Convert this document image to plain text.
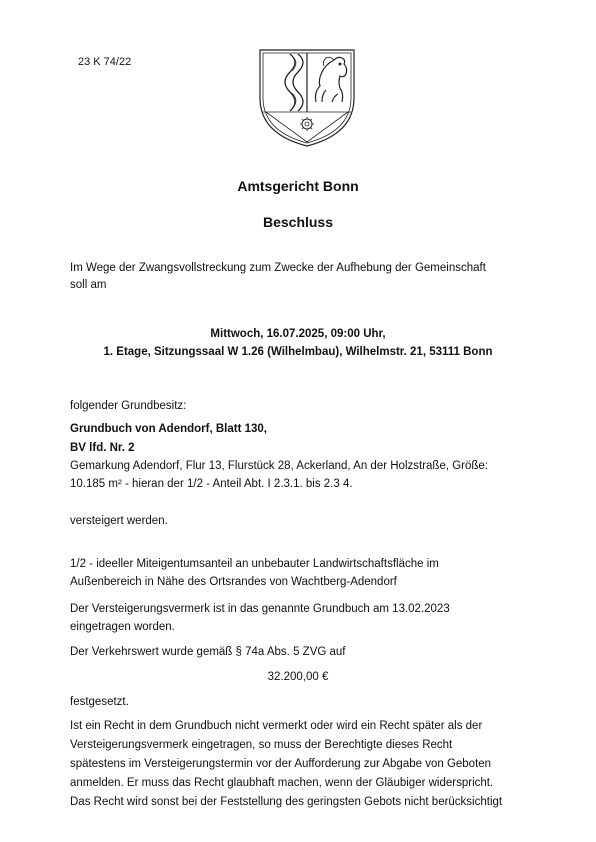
23 K 74/22
Amtsgericht Bonn
Beschluss
Im Wege der Zwangsvollstreckung zum Zwecke der Aufhebung der Gemeinschaft
soll am
Mittwoch, 16.07.2025, 09:00 Uhr,
1. Etage, Sitzungssaal W 1.26 (Wilhelmbau), Wilhelmstr. 21, 53111 Bonn
folgender Grundbesitz:
Grundbuch von Adendorf, Blatt 130,
BV lfd. Nr. 2
Gemarkung Adendorf, Flur 13, Flurstück 28, Ackerland, An der Holzstraße, Größe:
10.185 m² - hieran der 1/2 - Anteil Abt. I 2.3.1. bis 2.3 4.
versteigert werden.
1/2 - ideeller Miteigentumsanteil an unbebauter Landwirtschaftsfläche im
Außenbereich in Nähe des Ortsrandes von Wachtberg-Adendorf
Der Versteigerungsvermerk ist in das genannte Grundbuch am 13.02.2023
eingetragen worden.
Der Verkehrswert wurde gemäß § 74a Abs. 5 ZVG auf
32.200,00 €
festgesetzt.
Ist ein Recht in dem Grundbuch nicht vermerkt oder wird ein Recht später als der
Versteigerungsvermerk eingetragen, so muss der Berechtigte dieses Recht
spätestens im Versteigerungstermin vor der Aufforderung zur Abgabe von Geboten
anmelden. Er muss das Recht glaubhaft machen, wenn der Gläubiger widerspricht.
Das Recht wird sonst bei der Feststellung des geringsten Gebots nicht berücksichtigt
